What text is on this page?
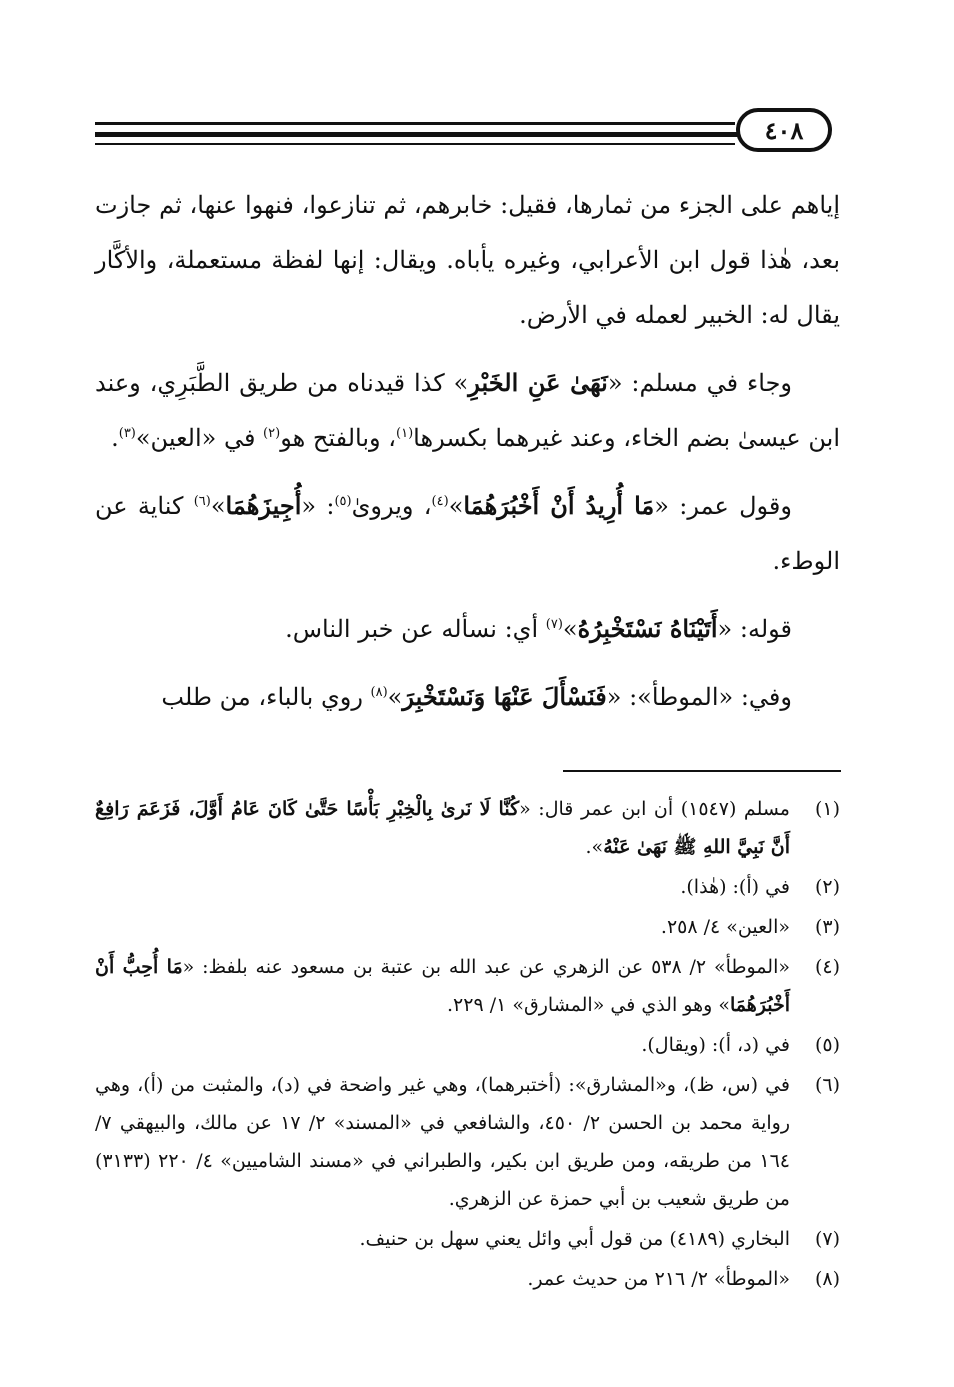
٤٠٨

إياهم على الجزء من ثمارها، فقيل: خابرهم، ثم تنازعوا، فنهوا عنها، ثم جازت بعد، هٰذا قول ابن الأعرابي، وغيره يأباه. ويقال: إنها لفظة مستعملة، والأكَّار يقال له: الخبير لعمله في الأرض.

وجاء في مسلم: «نَهَىٰ عَنِ الخَبْرِ» كذا قيدناه من طريق الطَّبَرِي، وعند ابن عيسىٰ بضم الخاء، وعند غيرهما بكسرها$^{(١)}$، وبالفتح هو$^{(٢)}$ في «العين»$^{(٣)}$.

وقول عمر: «مَا أُرِيدُ أَنْ أَخْبُرَهُمَا»$^{(٤)}$، ويروىٰ$^{(٥)}$: «أُجِيزَهُمَا»$^{(٦)}$ كناية عن الوطء.

قوله: «أَتَيْنَاهُ نَسْتَخْبِرُهُ»$^{(٧)}$ أي: نسأله عن خبر الناس.

وفي: «الموطأ»: «فَنَسْأَلَ عَنْهَا وَنَسْتَخْبِرَ»$^{(٨)}$ روي بالباء، من طلب

(١)
مسلم (١٥٤٧) أن ابن عمر قال: «كُنَّا لَا نَرىٰ بِالْخِبْرِ بَأْسًا حَتَّىٰ كَانَ عَامُ أَوَّلَ، فَزَعَمَ رَافِعٌ أَنَّ نَبِيَّ اللهِ ﷺ نَهَىٰ عَنْهُ».
(٢)
في (أ): (هٰذا).
(٣)
«العين» ٤/ ٢٥٨.
(٤)
«الموطأ» ٢/ ٥٣٨ عن الزهري عن عبد الله بن عتبة بن مسعود عنه بلفظ: «مَا أُحِبُّ أَنْ أَخْبُرَهُمَا» وهو الذي في «المشارق» ١/ ٢٢٩.
(٥)
في (د، أ): (ويقال).
(٦)
في (س، ظ)، و«المشارق»: (أختبرهما)، وهي غير واضحة في (د)، والمثبت من (أ)، وهي رواية محمد بن الحسن ٢/ ٤٥٠، والشافعي في «المسند» ٢/ ١٧ عن مالك، والبيهقي ٧/ ١٦٤ من طريقه، ومن طريق ابن بكير، والطبراني في «مسند الشاميين» ٤/ ٢٢٠ (٣١٣٣) من طريق شعيب بن أبي حمزة عن الزهري.
(٧)
البخاري (٤١٨٩) من قول أبي وائل يعني سهل بن حنيف.
(٨)
«الموطأ» ٢/ ٢١٦ من حديث عمر.
